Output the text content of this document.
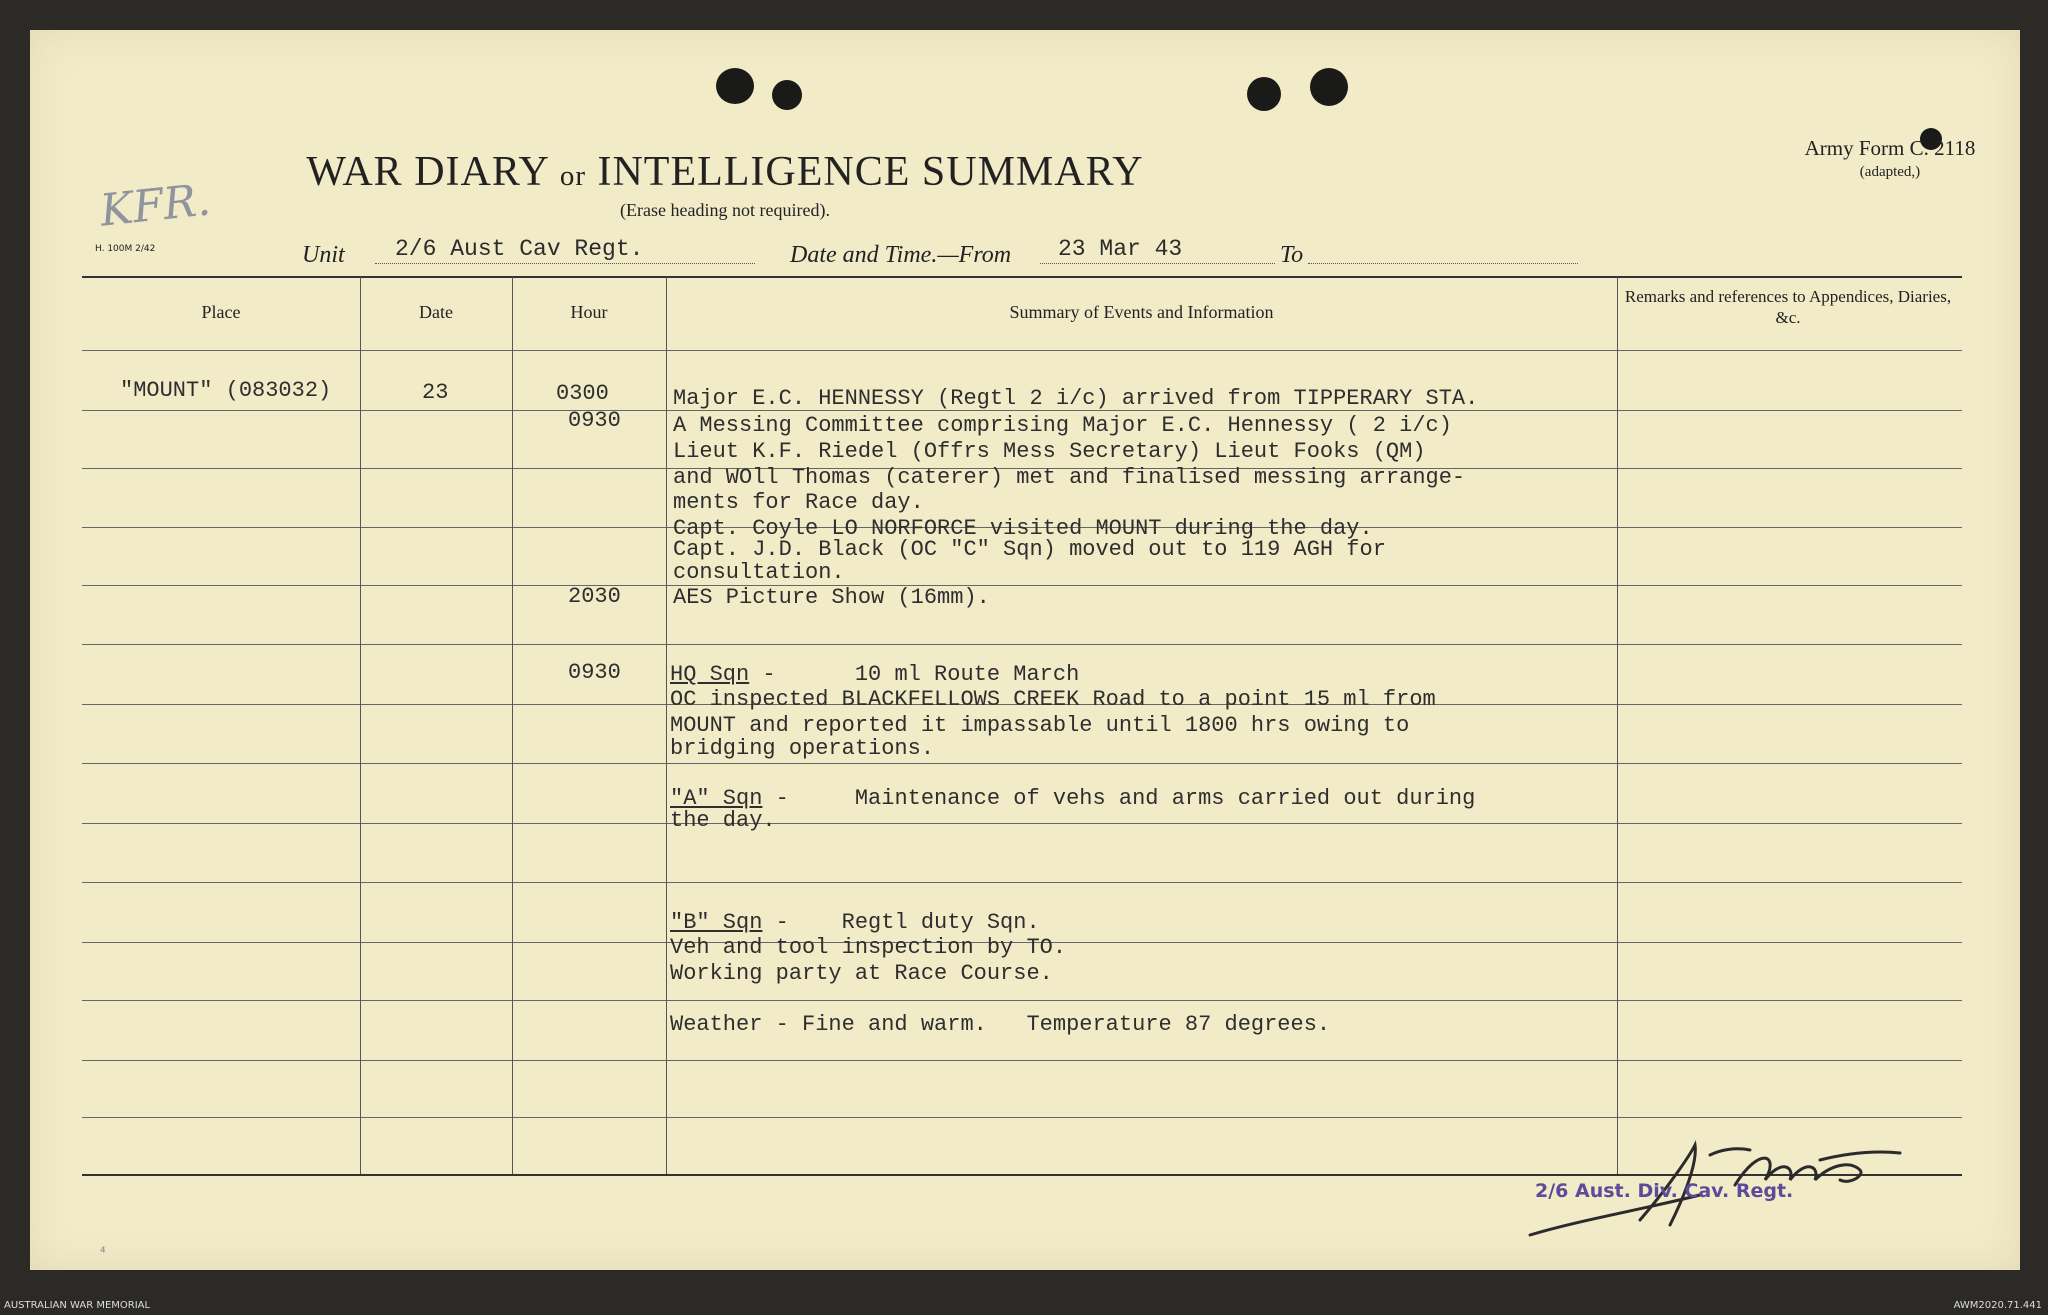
WAR DIARY or INTELLIGENCE SUMMARY
(Erase heading not required).
Army Form C. 2118
(adapted,)
KFR.
H. 100M 2/42	Unit 2/6 Aust Cav Regt.	Date and Time.—From 23 Mar 43	To
Place	Date	Hour	Summary of Events and Information
Remarks and references to Appendices, Diaries, &c.
"MOUNT" (083032)	23	0300	Major E.C. HENNESSY (Regtl 2 i/c) arrived from TIPPERARY STA.
0930 A Messing Committee comprising Major E.C. Hennessy ( 2 i/c)
Lieut K.F. Riedel (Offrs Mess Secretary) Lieut Fooks (QM)
and WOll Thomas (caterer) met and finalised messing arrange-
ments for Race day.
Capt. Coyle LO NORFORCE visited MOUNT during the day.
Capt. J.D. Black (OC "C" Sqn) moved out to 119 AGH for
consultation.
2030 AES Picture Show (16mm).
0930 HQ Sqn -      10 ml Route March
OC inspected BLACKFELLOWS CREEK Road to a point 15 ml from
MOUNT and reported it impassable until 1800 hrs owing to
bridging operations.
"A" Sqn -     Maintenance of vehs and arms carried out during
the day.
"B" Sqn -    Regtl duty Sqn.
Veh and tool inspection by TO.
Working party at Race Course.
Weather - Fine and warm.   Temperature 87 degrees.
2/6 Aust. Div. Cav. Regt.
⁴
AUSTRALIAN WAR MEMORIAL	AWM2020.71.441
